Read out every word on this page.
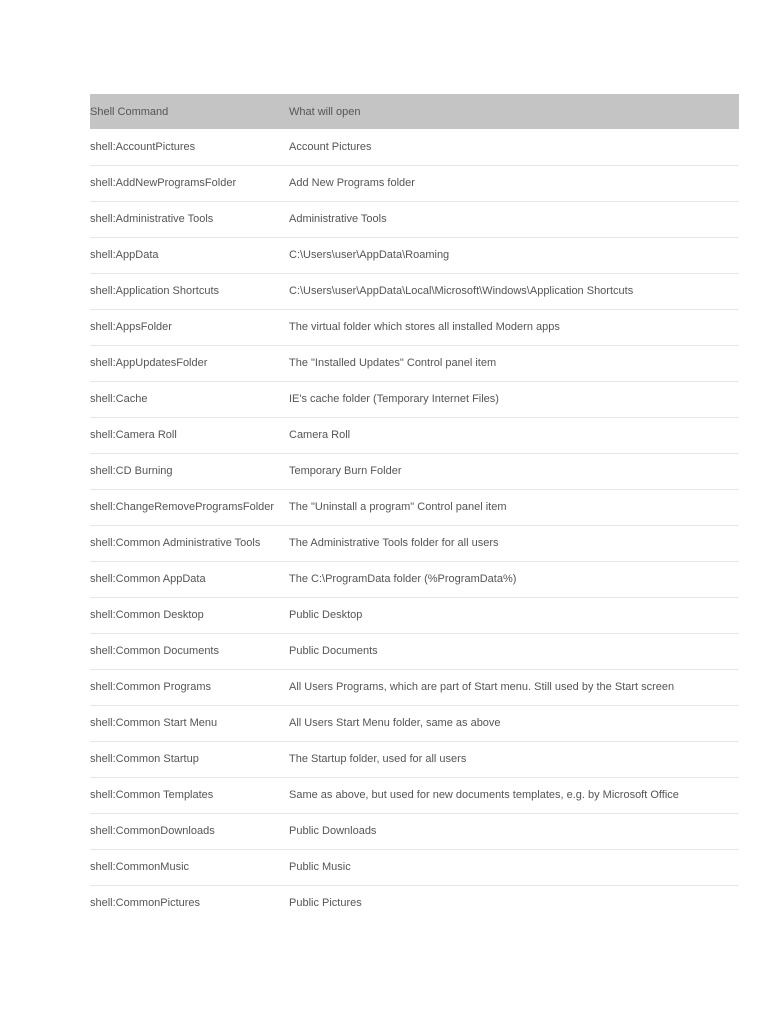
Shell Command	What will open
shell:AccountPictures	Account Pictures
shell:AddNewProgramsFolder	Add New Programs folder
shell:Administrative Tools	Administrative Tools
shell:AppData	C:\Users\user\AppData\Roaming
shell:Application Shortcuts	C:\Users\user\AppData\Local\Microsoft\Windows\Application Shortcuts
shell:AppsFolder	The virtual folder which stores all installed Modern apps
shell:AppUpdatesFolder	The "Installed Updates" Control panel item
shell:Cache	IE's cache folder (Temporary Internet Files)
shell:Camera Roll	Camera Roll
shell:CD Burning	Temporary Burn Folder
shell:ChangeRemoveProgramsFolder	The "Uninstall a program" Control panel item
shell:Common Administrative Tools	The Administrative Tools folder for all users
shell:Common AppData	The C:\ProgramData folder (%ProgramData%)
shell:Common Desktop	Public Desktop
shell:Common Documents	Public Documents
shell:Common Programs	All Users Programs, which are part of Start menu. Still used by the Start screen
shell:Common Start Menu	All Users Start Menu folder, same as above
shell:Common Startup	The Startup folder, used for all users
shell:Common Templates	Same as above, but used for new documents templates, e.g. by Microsoft Office
shell:CommonDownloads	Public Downloads
shell:CommonMusic	Public Music
shell:CommonPictures	Public Pictures
